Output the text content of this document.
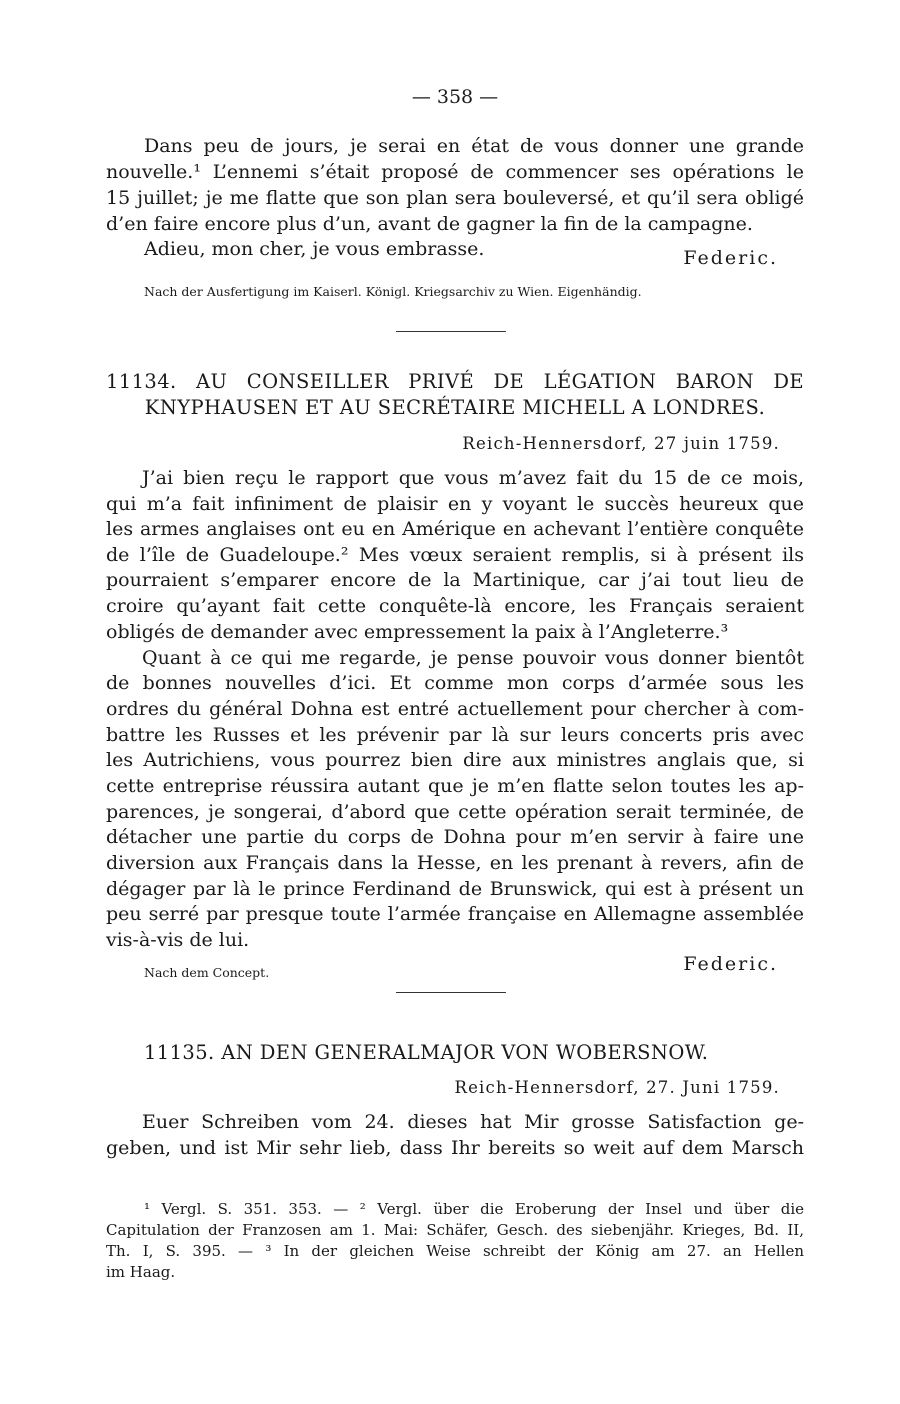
— 358 —
Dans peu de jours, je serai en état de vous donner une grande
nouvelle.¹ L’ennemi s’était proposé de commencer ses opérations le
15 juillet; je me flatte que son plan sera bouleversé, et qu’il sera obligé
d’en faire encore plus d’un, avant de gagner la fin de la campagne.
Adieu, mon cher, je vous embrasse.	Federic.
Nach der Ausfertigung im Kaiserl. Königl. Kriegsarchiv zu Wien. Eigenhändig.
11134. AU CONSEILLER PRIVÉ DE LÉGATION BARON DE
KNYPHAUSEN ET AU SECRÉTAIRE MICHELL A LONDRES.
Reich-Hennersdorf, 27 juin 1759.
J’ai bien reçu le rapport que vous m’avez fait du 15 de ce mois,
qui m’a fait infiniment de plaisir en y voyant le succès heureux que
les armes anglaises ont eu en Amérique en achevant l’entière conquête
de l’île de Guadeloupe.² Mes vœux seraient remplis, si à présent ils
pourraient s’emparer encore de la Martinique, car j’ai tout lieu de
croire qu’ayant fait cette conquête-là encore, les Français seraient
obligés de demander avec empressement la paix à l’Angleterre.³
Quant à ce qui me regarde, je pense pouvoir vous donner bientôt
de bonnes nouvelles d’ici. Et comme mon corps d’armée sous les
ordres du général Dohna est entré actuellement pour chercher à com-
battre les Russes et les prévenir par là sur leurs concerts pris avec
les Autrichiens, vous pourrez bien dire aux ministres anglais que, si
cette entreprise réussira autant que je m’en flatte selon toutes les ap-
parences, je songerai, d’abord que cette opération serait terminée, de
détacher une partie du corps de Dohna pour m’en servir à faire une
diversion aux Français dans la Hesse, en les prenant à revers, afin de
dégager par là le prince Ferdinand de Brunswick, qui est à présent un
peu serré par presque toute l’armée française en Allemagne assemblée
vis-à-vis de lui.
Nach dem Concept.	Federic.
11135. AN DEN GENERALMAJOR VON WOBERSNOW.
Reich-Hennersdorf, 27. Juni 1759.
Euer Schreiben vom 24. dieses hat Mir grosse Satisfaction ge-
geben, und ist Mir sehr lieb, dass Ihr bereits so weit auf dem Marsch
¹ Vergl. S. 351. 353. — ² Vergl. über die Eroberung der Insel und über die
Capitulation der Franzosen am 1. Mai: Schäfer, Gesch. des siebenjähr. Krieges, Bd. II,
Th. I, S. 395. — ³ In der gleichen Weise schreibt der König am 27. an Hellen
im Haag.
